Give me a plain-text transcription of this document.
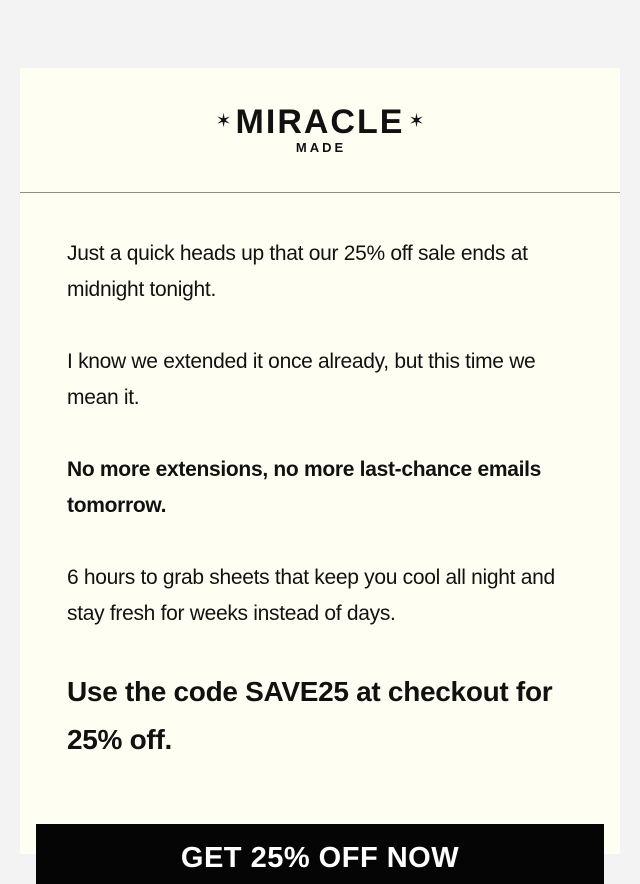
✶ MIRACLE ✶
MADE

Just a quick heads up that our 25% off sale ends at midnight tonight.

I know we extended it once already, but this time we mean it.

No more extensions, no more last-chance emails tomorrow.

6 hours to grab sheets that keep you cool all night and stay fresh for weeks instead of days.

Use the code SAVE25 at checkout for 25% off.

GET 25% OFF NOW
